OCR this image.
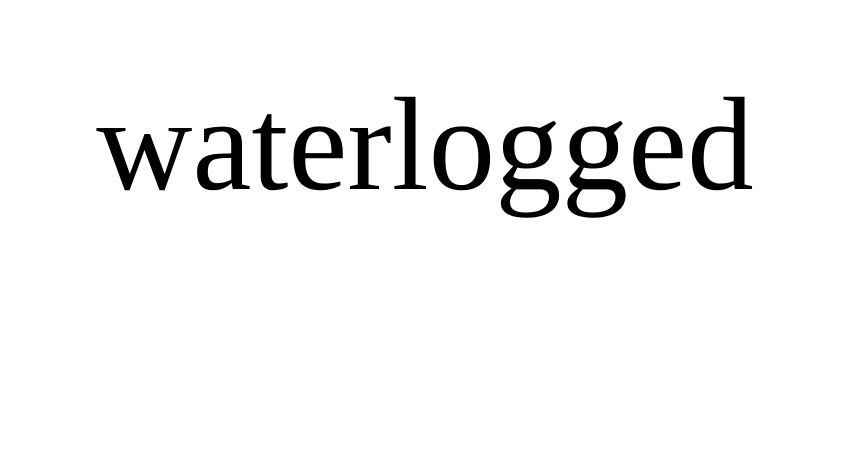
waterlogged
